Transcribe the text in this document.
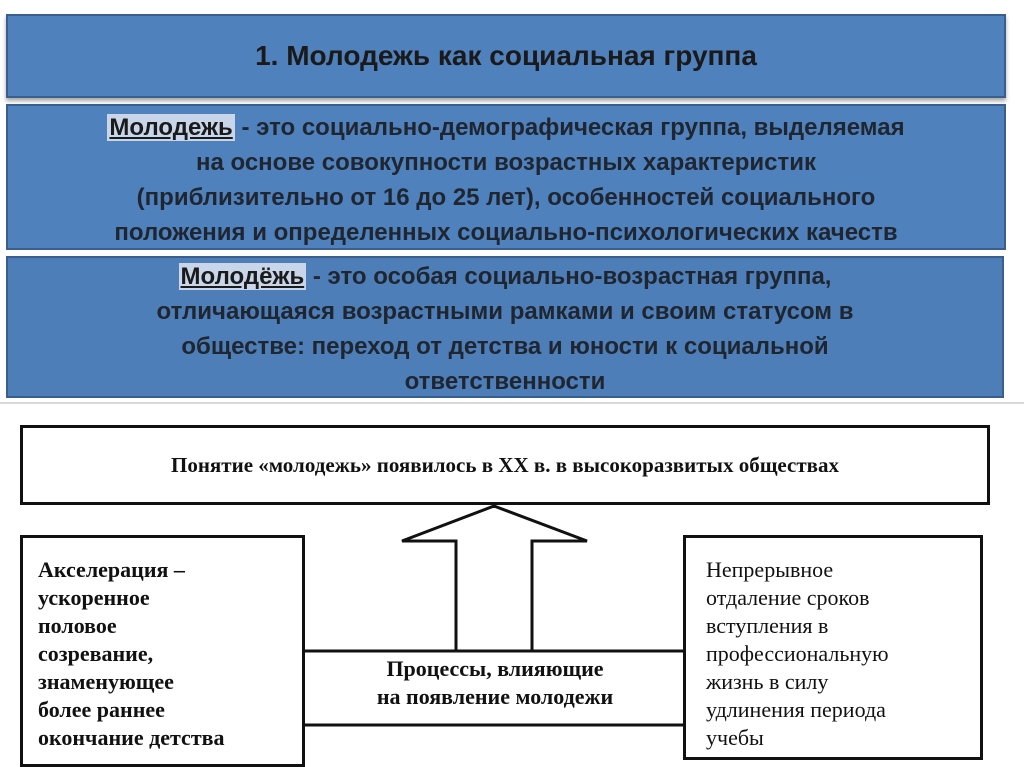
1. Молодежь как социальная группа
Молодежь - это социально-демографическая группа, выделяемая
на основе совокупности возрастных характеристик
(приблизительно от 16 до 25 лет), особенностей социального
положения и определенных социально-психологических качеств
Молодёжь - это особая социально-возрастная группа,
отличающаяся возрастными рамками и своим статусом в
обществе: переход от детства и юности к социальной
ответственности
Понятие «молодежь» появилось в XX в. в высокоразвитых обществах
Акселерация –
ускоренное
половое
созревание,
знаменующее
более раннее
окончание детства
Непрерывное
отдаление сроков
вступления в
профессиональную
жизнь в силу
удлинения периода
учебы
Процессы, влияющие
на появление молодежи
